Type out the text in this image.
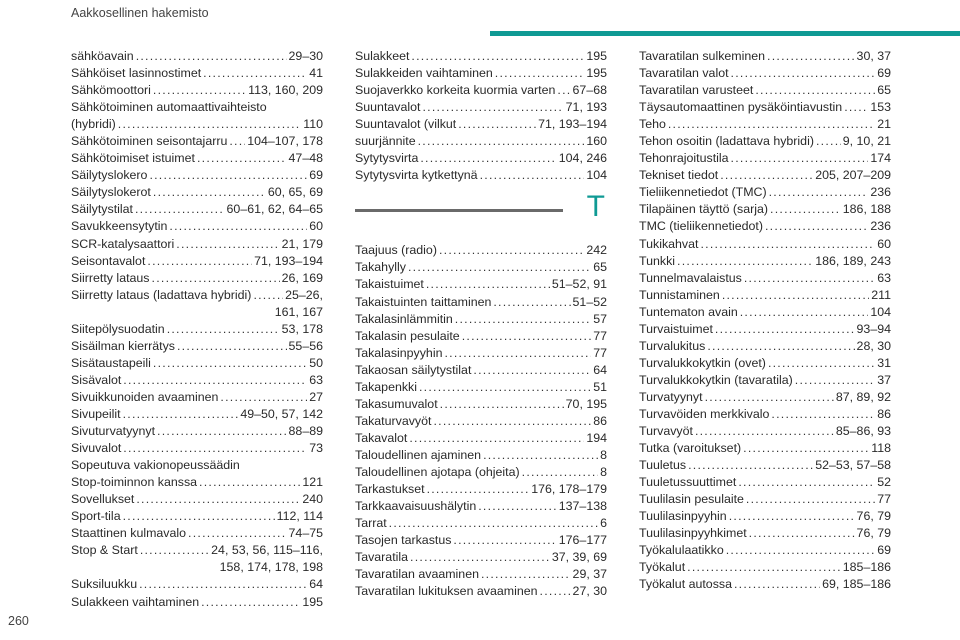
Aakkosellinen hakemisto
sähköavain . . .	29–30
Sähköiset lasinnostimet . . .	41
Sähkömoottori . . .	113, 160, 209
Sähkötoiminen automaattivaihteisto
(hybridi) . . .	110
Sähkötoiminen seisontajarru . . . 104–107, 178
Sähkötoimiset istuimet . . .	47–48
Säilytyslokero . . .	69
Säilytyslokerot . . .	60, 65, 69
Säilytystilat . . .	60–61, 62, 64–65
Savukkeensytytin . . .	60
SCR-katalysaattori . . .	21, 179
Seisontavalot . . .	71, 193–194
Siirretty lataus . . .	26, 169
Siirretty lataus (ladattava hybridi) . . .	25–26,
161, 167
Siitepölysuodatin . . .	53, 178
Sisäilman kierrätys . . .	55–56
Sisätaustapeili . . .	50
Sisävalot . . .	63
Sivuikkunoiden avaaminen . . .	27
Sivupeilit . . .	49–50, 57, 142
Sivuturvatyynyt . . .	88–89
Sivuvalot . . .	73
Sopeutuva vakionopeussäädin
Stop-toiminnon kanssa . . .	121
Sovellukset . . .	240
Sport-tila . . .	112, 114
Staattinen kulmavalo . . .	74–75
Stop & Start . . .	24, 53, 56, 115–116,
158, 174, 178, 198
Suksiluukku . . .	64
Sulakkeen vaihtaminen . . .	195
Sulakkeet . . .	195
Sulakkeiden vaihtaminen . . .	195
Suojaverkko korkeita kuormia varten . . . 67–68
Suuntavalot . . .	71, 193
Suuntavalot (vilkut . . .	71, 193–194
suurjännite . . .	160
Sytytysvirta . . .	104, 246
Sytytysvirta kytkettynä . . .	104
T
Taajuus (radio) . . .	242
Takahylly . . .	65
Takaistuimet . . .	51–52, 91
Takaistuinten taittaminen . . .	51–52
Takalasinlämmitin . . .	57
Takalasin pesulaite . . .	77
Takalasinpyyhin . . .	77
Takaosan säilytystilat . . .	64
Takapenkki . . .	51
Takasumuvalot . . .	70, 195
Takaturvavyöt . . .	86
Takavalot . . .	194
Taloudellinen ajaminen . . .	8
Taloudellinen ajotapa (ohjeita) . . .	8
Tarkastukset . . .	176, 178–179
Tarkkaavaisuushälytin . . .	137–138
Tarrat . . .	6
Tasojen tarkastus . . .	176–177
Tavaratila . . .	37, 39, 69
Tavaratilan avaaminen . . .	29, 37
Tavaratilan lukituksen avaaminen . . .	27, 30
Tavaratilan sulkeminen . . .	30, 37
Tavaratilan valot . . .	69
Tavaratilan varusteet . . .	65
Täysautomaattinen pysäköintiavustin . . . 153
Teho . . .	21
Tehon osoitin (ladattava hybridi) . . . 9, 10, 21
Tehonrajoitustila . . .	174
Tekniset tiedot . . .	205, 207–209
Tieliikennetiedot (TMC) . . .	236
Tilapäinen täyttö (sarja) . . .	186, 188
TMC (tieliikennetiedot) . . .	236
Tukikahvat . . .	60
Tunkki . . .	186, 189, 243
Tunnelmavalaistus . . .	63
Tunnistaminen . . .	211
Tuntematon avain . . .	104
Turvaistuimet . . .	93–94
Turvalukitus . . .	28, 30
Turvalukkokytkin (ovet) . . .	31
Turvalukkokytkin (tavaratila) . . .	37
Turvatyynyt . . .	87, 89, 92
Turvavöiden merkkivalo . . .	86
Turvavyöt . . .	85–86, 93
Tutka (varoitukset) . . .	118
Tuuletus . . .	52–53, 57–58
Tuuletussuuttimet . . .	52
Tuulilasin pesulaite . . .	77
Tuulilasinpyyhin . . .	76, 79
Tuulilasinpyyhkimet . . .	76, 79
Työkalulaatikko . . .	69
Työkalut . . .	185–186
Työkalut autossa . . .	69, 185–186
260
